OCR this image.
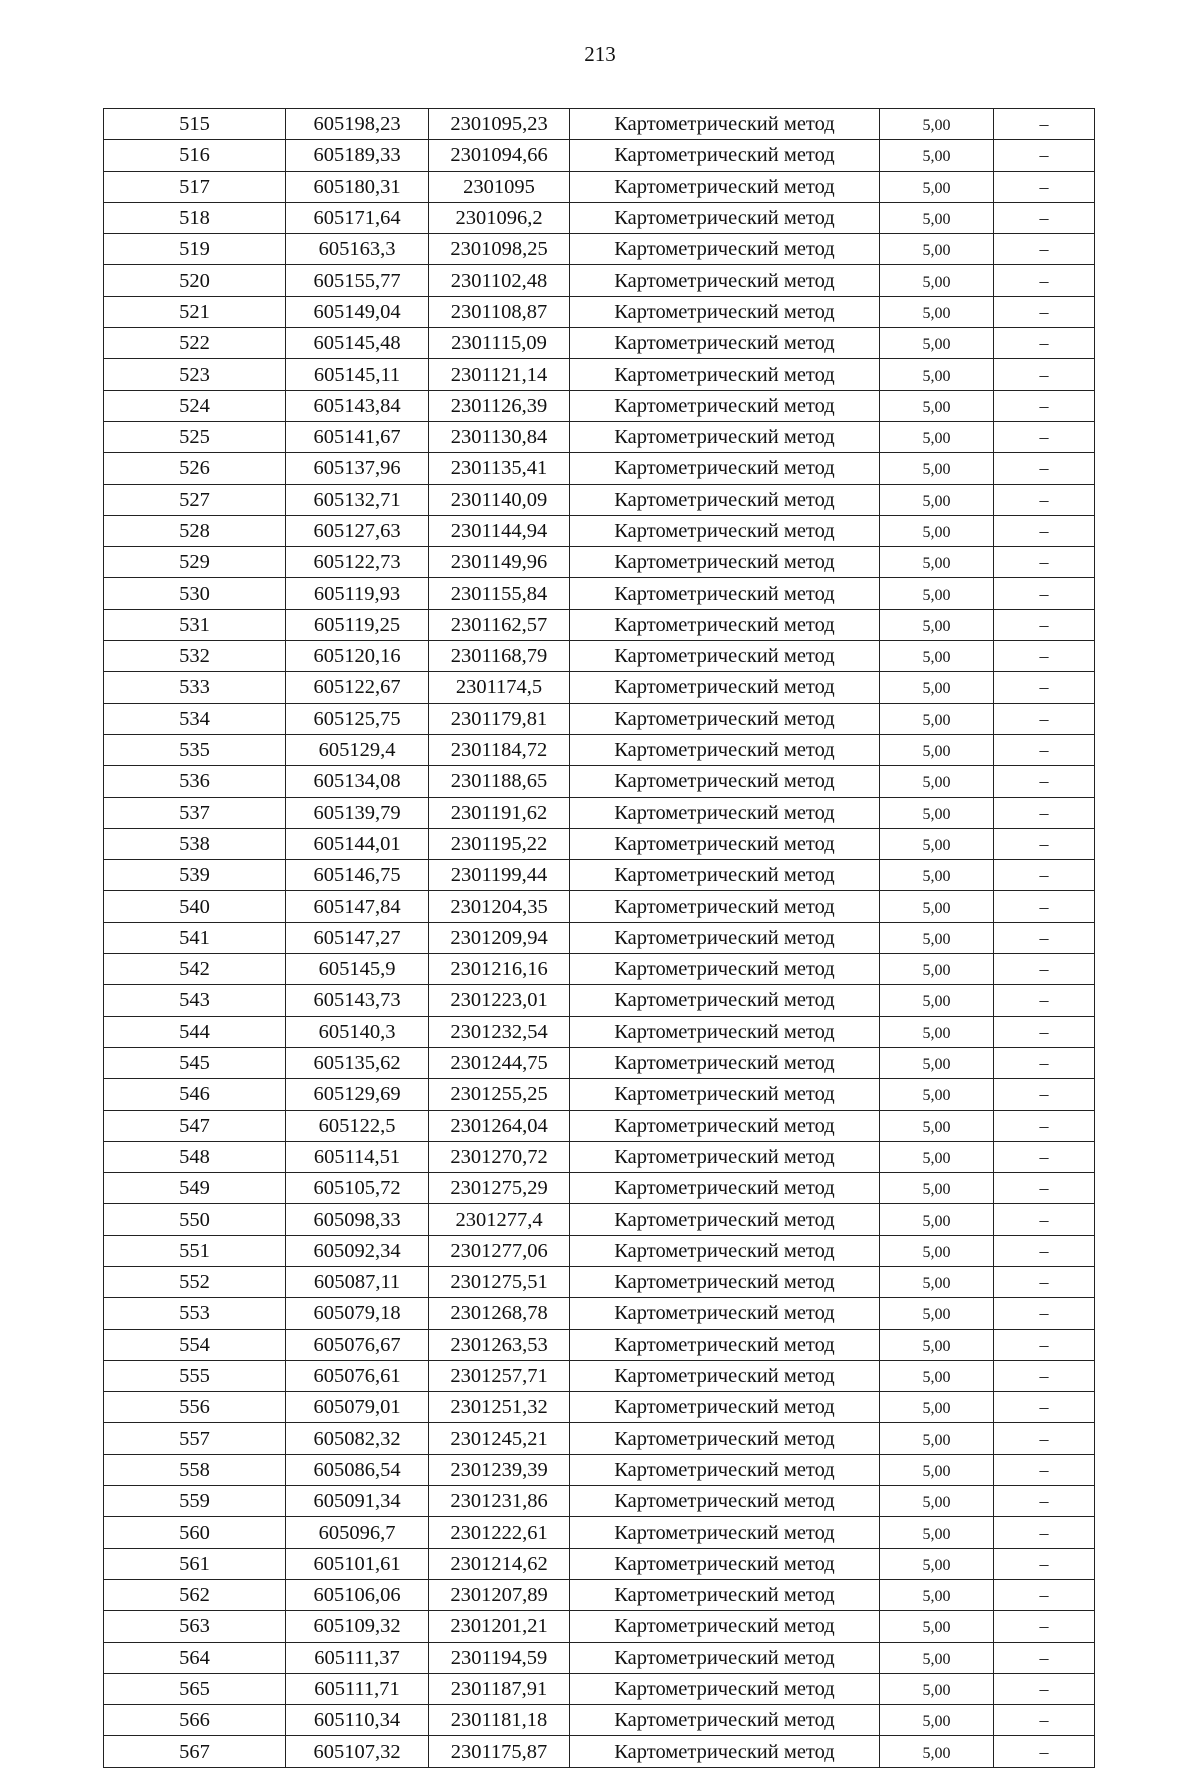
213
515	605198,23	2301095,23	Картометрический метод	5,00	–
516	605189,33	2301094,66	Картометрический метод	5,00	–
517	605180,31	2301095	Картометрический метод	5,00	–
518	605171,64	2301096,2	Картометрический метод	5,00	–
519	605163,3	2301098,25	Картометрический метод	5,00	–
520	605155,77	2301102,48	Картометрический метод	5,00	–
521	605149,04	2301108,87	Картометрический метод	5,00	–
522	605145,48	2301115,09	Картометрический метод	5,00	–
523	605145,11	2301121,14	Картометрический метод	5,00	–
524	605143,84	2301126,39	Картометрический метод	5,00	–
525	605141,67	2301130,84	Картометрический метод	5,00	–
526	605137,96	2301135,41	Картометрический метод	5,00	–
527	605132,71	2301140,09	Картометрический метод	5,00	–
528	605127,63	2301144,94	Картометрический метод	5,00	–
529	605122,73	2301149,96	Картометрический метод	5,00	–
530	605119,93	2301155,84	Картометрический метод	5,00	–
531	605119,25	2301162,57	Картометрический метод	5,00	–
532	605120,16	2301168,79	Картометрический метод	5,00	–
533	605122,67	2301174,5	Картометрический метод	5,00	–
534	605125,75	2301179,81	Картометрический метод	5,00	–
535	605129,4	2301184,72	Картометрический метод	5,00	–
536	605134,08	2301188,65	Картометрический метод	5,00	–
537	605139,79	2301191,62	Картометрический метод	5,00	–
538	605144,01	2301195,22	Картометрический метод	5,00	–
539	605146,75	2301199,44	Картометрический метод	5,00	–
540	605147,84	2301204,35	Картометрический метод	5,00	–
541	605147,27	2301209,94	Картометрический метод	5,00	–
542	605145,9	2301216,16	Картометрический метод	5,00	–
543	605143,73	2301223,01	Картометрический метод	5,00	–
544	605140,3	2301232,54	Картометрический метод	5,00	–
545	605135,62	2301244,75	Картометрический метод	5,00	–
546	605129,69	2301255,25	Картометрический метод	5,00	–
547	605122,5	2301264,04	Картометрический метод	5,00	–
548	605114,51	2301270,72	Картометрический метод	5,00	–
549	605105,72	2301275,29	Картометрический метод	5,00	–
550	605098,33	2301277,4	Картометрический метод	5,00	–
551	605092,34	2301277,06	Картометрический метод	5,00	–
552	605087,11	2301275,51	Картометрический метод	5,00	–
553	605079,18	2301268,78	Картометрический метод	5,00	–
554	605076,67	2301263,53	Картометрический метод	5,00	–
555	605076,61	2301257,71	Картометрический метод	5,00	–
556	605079,01	2301251,32	Картометрический метод	5,00	–
557	605082,32	2301245,21	Картометрический метод	5,00	–
558	605086,54	2301239,39	Картометрический метод	5,00	–
559	605091,34	2301231,86	Картометрический метод	5,00	–
560	605096,7	2301222,61	Картометрический метод	5,00	–
561	605101,61	2301214,62	Картометрический метод	5,00	–
562	605106,06	2301207,89	Картометрический метод	5,00	–
563	605109,32	2301201,21	Картометрический метод	5,00	–
564	605111,37	2301194,59	Картометрический метод	5,00	–
565	605111,71	2301187,91	Картометрический метод	5,00	–
566	605110,34	2301181,18	Картометрический метод	5,00	–
567	605107,32	2301175,87	Картометрический метод	5,00	–
